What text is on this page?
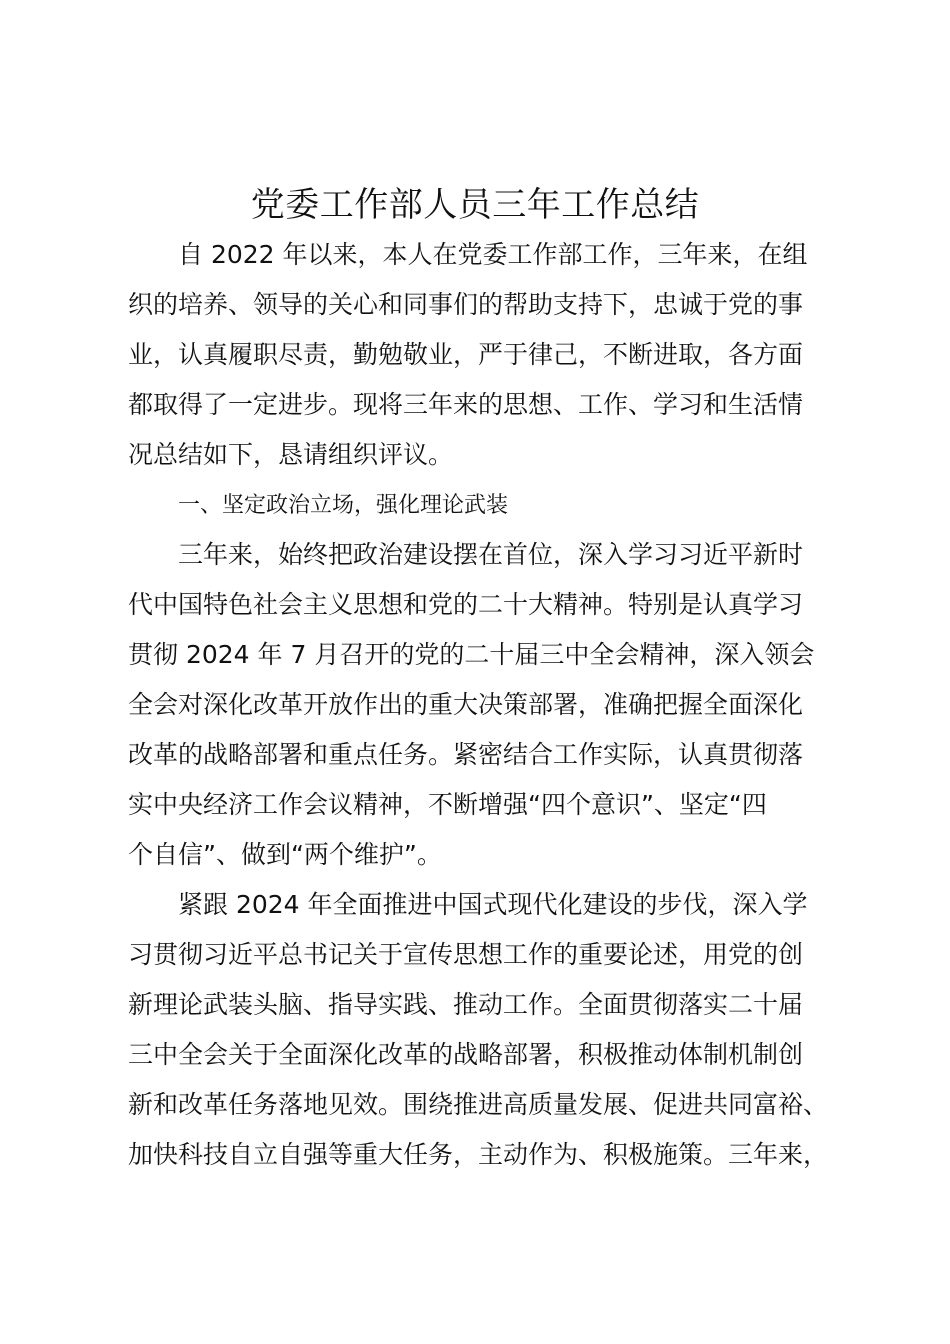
党委工作部人员三年工作总结
自 2022 年以来，本人在党委工作部工作，三年来，在组
织的培养、领导的关心和同事们的帮助支持下，忠诚于党的事
业，认真履职尽责，勤勉敬业，严于律己，不断进取，各方面
都取得了一定进步。现将三年来的思想、工作、学习和生活情
况总结如下，恳请组织评议。
一、坚定政治立场，强化理论武装
三年来，始终把政治建设摆在首位，深入学习习近平新时
代中国特色社会主义思想和党的二十大精神。特别是认真学习
贯彻 2024 年 7 月召开的党的二十届三中全会精神，深入领会
全会对深化改革开放作出的重大决策部署，准确把握全面深化
改革的战略部署和重点任务。紧密结合工作实际，认真贯彻落
实中央经济工作会议精神，不断增强“四个意识”、坚定“四
个自信”、做到“两个维护”。
紧跟 2024 年全面推进中国式现代化建设的步伐，深入学
习贯彻习近平总书记关于宣传思想工作的重要论述，用党的创
新理论武装头脑、指导实践、推动工作。全面贯彻落实二十届
三中全会关于全面深化改革的战略部署，积极推动体制机制创
新和改革任务落地见效。围绕推进高质量发展、促进共同富裕、
加快科技自立自强等重大任务，主动作为、积极施策。三年来，
